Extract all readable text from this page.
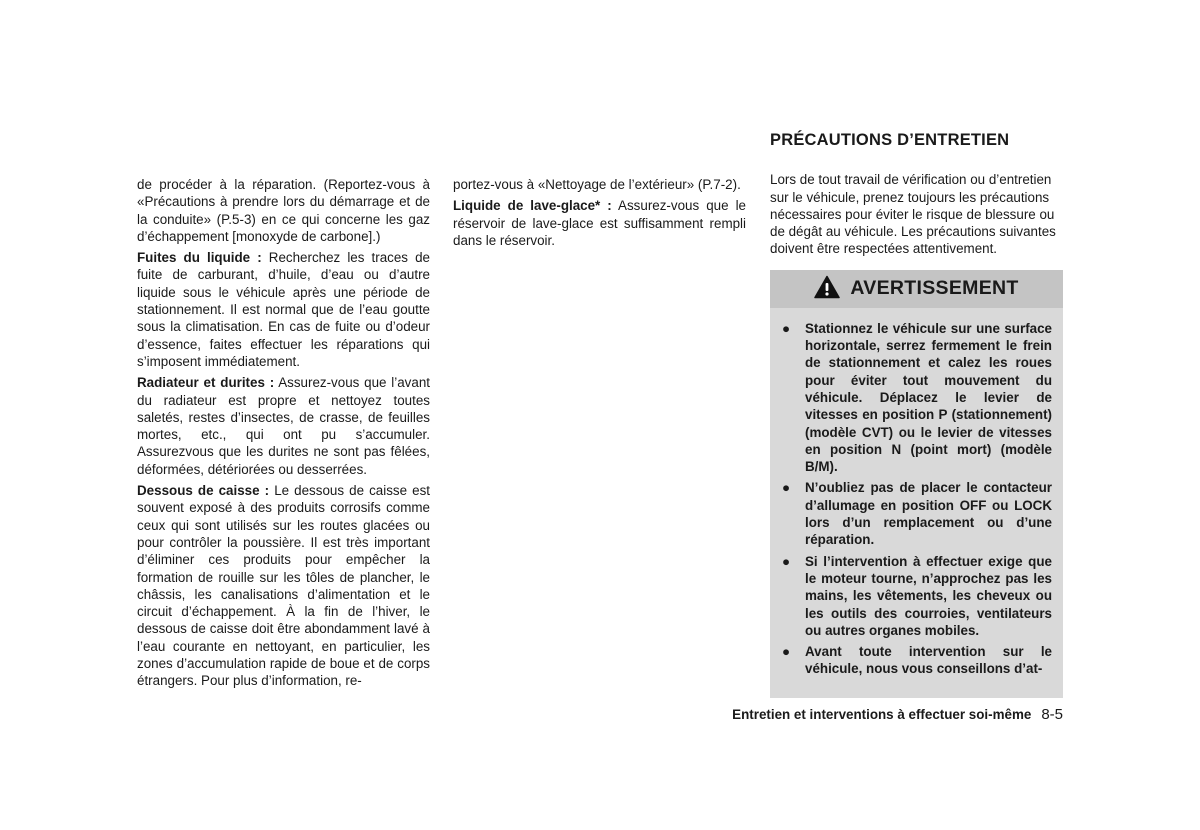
de procéder à la réparation. (Reportez-vous à «Précautions à prendre lors du démarrage et de la conduite» (P.5-3) en ce qui concerne les gaz d’échappement [monoxyde de carbone].)

Fuites du liquide : Recherchez les traces de fuite de carburant, d’huile, d’eau ou d’autre liquide sous le véhicule après une période de stationnement. Il est normal que de l’eau goutte sous la climatisation. En cas de fuite ou d’odeur d’essence, faites effectuer les réparations qui s’imposent immédiatement.

Radiateur et durites : Assurez-vous que l’avant du radiateur est propre et nettoyez toutes saletés, restes d’insectes, de crasse, de feuilles mortes, etc., qui ont pu s’accumuler. Assurezvous que les durites ne sont pas fêlées, déformées, détériorées ou desserrées.

Dessous de caisse : Le dessous de caisse est souvent exposé à des produits corrosifs comme ceux qui sont utilisés sur les routes glacées ou pour contrôler la poussière. Il est très important d’éliminer ces produits pour empêcher la formation de rouille sur les tôles de plancher, le châssis, les canalisations d’alimentation et le circuit d’échappement. À la fin de l’hiver, le dessous de caisse doit être abondamment lavé à l’eau courante en nettoyant, en particulier, les zones d’accumulation rapide de boue et de corps étrangers. Pour plus d’information, re-

portez-vous à «Nettoyage de l’extérieur» (P.7-2).

Liquide de lave-glace* : Assurez-vous que le réservoir de lave-glace est suffisamment rempli dans le réservoir.

PRÉCAUTIONS D’ENTRETIEN

Lors de tout travail de vérification ou d’entretien sur le véhicule, prenez toujours les précautions nécessaires pour éviter le risque de blessure ou de dégât au véhicule. Les précautions suivantes doivent être respectées attentivement.

AVERTISSEMENT
● Stationnez le véhicule sur une surface horizontale, serrez fermement le frein de stationnement et calez les roues pour éviter tout mouvement du véhicule. Déplacez le levier de vitesses en position P (stationnement) (modèle CVT) ou le levier de vitesses en position N (point mort) (modèle B/M).
● N’oubliez pas de placer le contacteur d’allumage en position OFF ou LOCK lors d’un remplacement ou d’une réparation.
● Si l’intervention à effectuer exige que le moteur tourne, n’approchez pas les mains, les vêtements, les cheveux ou les outils des courroies, ventilateurs ou autres organes mobiles.
● Avant toute intervention sur le véhicule, nous vous conseillons d’at-
Entretien et interventions à effectuer soi-même 8-5
